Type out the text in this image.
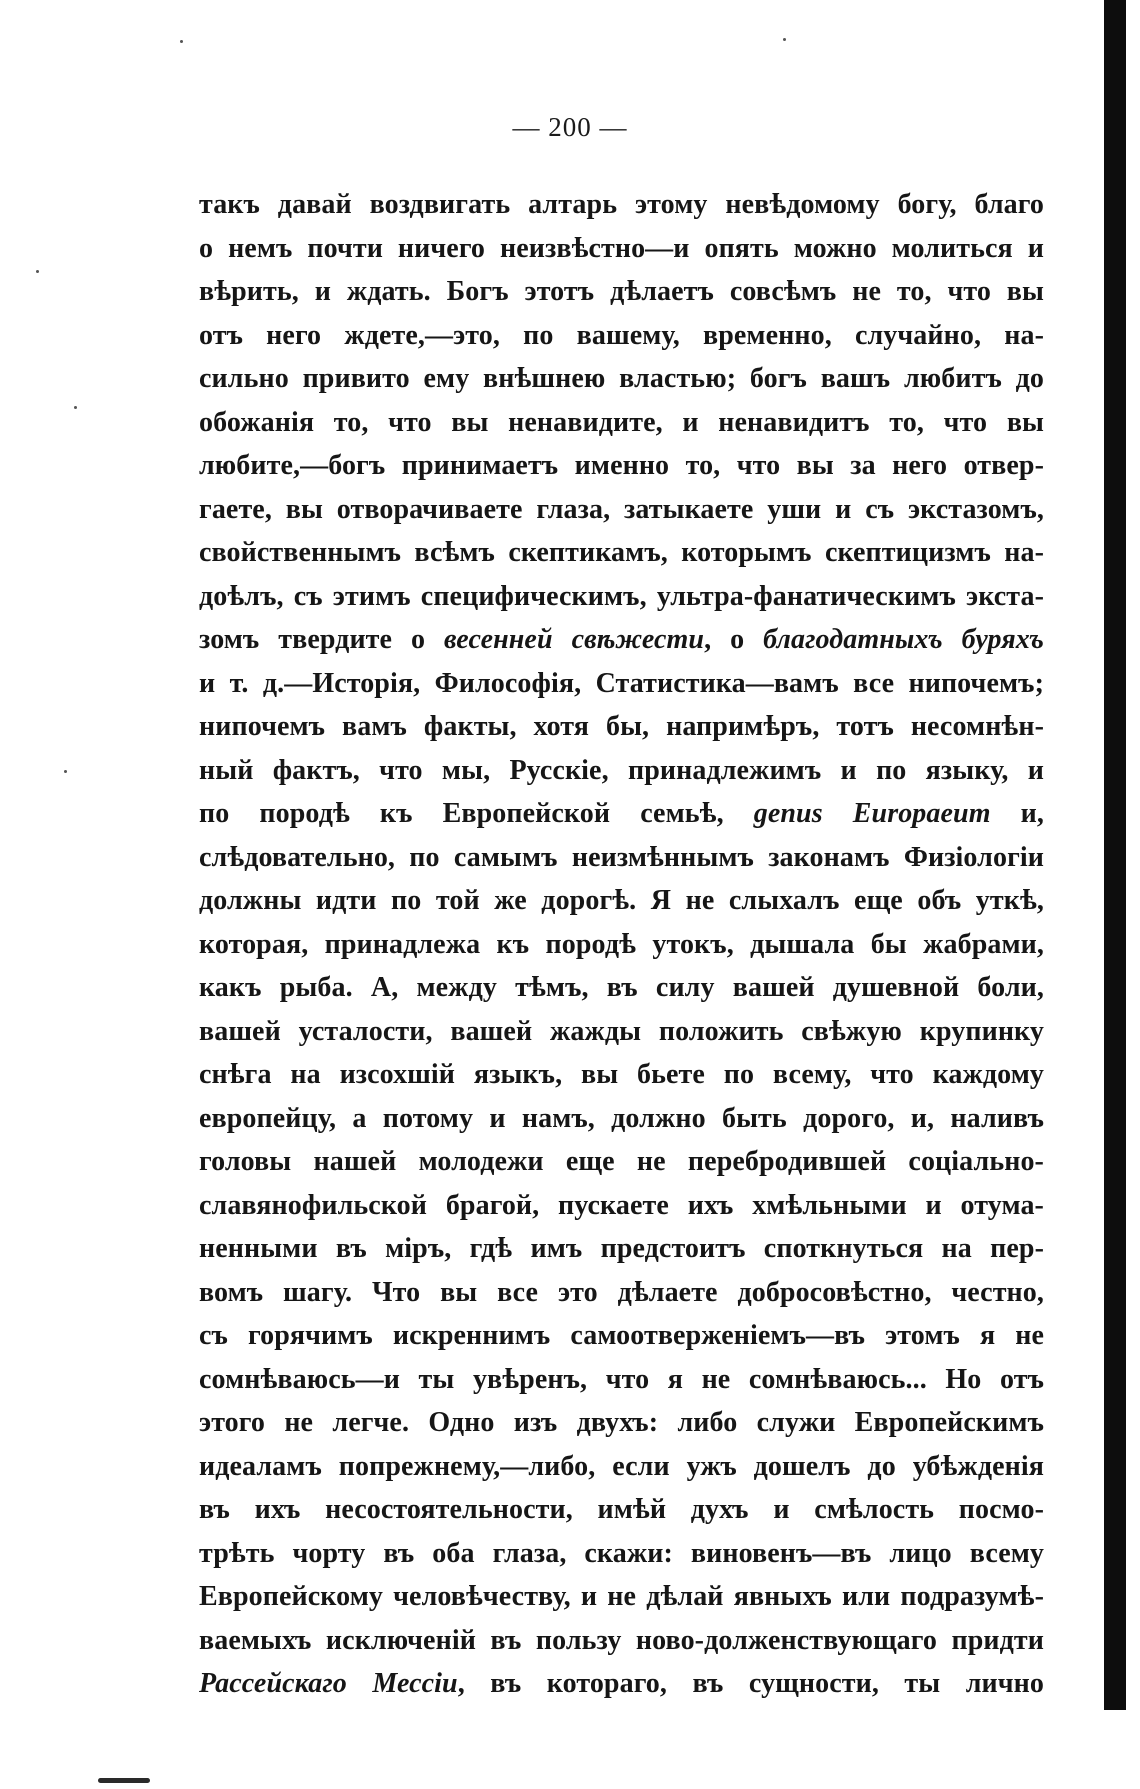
— 200 —
такъ давай воздвигать алтарь этому невѣдомому богу, благо
о немъ почти ничего неизвѣстно—и опять можно молиться и
вѣрить, и ждать. Богъ этотъ дѣлаетъ совсѣмъ не то, что вы
отъ него ждете,—это, по вашему, временно, случайно, на-
сильно привито ему внѣшнею властью; богъ вашъ любитъ до
обожанія то, что вы ненавидите, и ненавидитъ то, что вы
любите,—богъ принимаетъ именно то, что вы за него отвер-
гаете, вы отворачиваете глаза, затыкаете уши и съ экстазомъ,
свойственнымъ всѣмъ скептикамъ, которымъ скептицизмъ на-
доѣлъ, съ этимъ специфическимъ, ультра-фанатическимъ экста-
зомъ твердите о весенней свѣжести, о благодатныхъ буряхъ
и т. д.—Исторія, Философія, Статистика—вамъ все нипочемъ;
нипочемъ вамъ факты, хотя бы, напримѣръ, тотъ несомнѣн-
ный фактъ, что мы, Русскіе, принадлежимъ и по языку, и
по породѣ къ Европейской семьѣ, genus Europaeum и,
слѣдовательно, по самымъ неизмѣннымъ законамъ Физіологіи
должны идти по той же дорогѣ. Я не слыхалъ еще объ уткѣ,
которая, принадлежа къ породѣ утокъ, дышала бы жабрами,
какъ рыба. А, между тѣмъ, въ силу вашей душевной боли,
вашей усталости, вашей жажды положить свѣжую крупинку
снѣга на изсохшій языкъ, вы бьете по всему, что каждому
европейцу, а потому и намъ, должно быть дорого, и, наливъ
головы нашей молодежи еще не перебродившей соціально-
славянофильской брагой, пускаете ихъ хмѣльными и отума-
ненными въ міръ, гдѣ имъ предстоитъ споткнуться на пер-
вомъ шагу. Что вы все это дѣлаете добросовѣстно, честно,
съ горячимъ искреннимъ самоотверженіемъ—въ этомъ я не
сомнѣваюсь—и ты увѣренъ, что я не сомнѣваюсь... Но отъ
этого не легче. Одно изъ двухъ: либо служи Европейскимъ
идеаламъ попрежнему,—либо, если ужъ дошелъ до убѣжденія
въ ихъ несостоятельности, имѣй духъ и смѣлость посмо-
трѣть чорту въ оба глаза, скажи: виновенъ—въ лицо всему
Европейскому человѣчеству, и не дѣлай явныхъ или подразумѣ-
ваемыхъ исключеній въ пользу ново-долженствующаго придти
Рассейскаго Мессіи, въ котораго, въ сущности, ты лично
